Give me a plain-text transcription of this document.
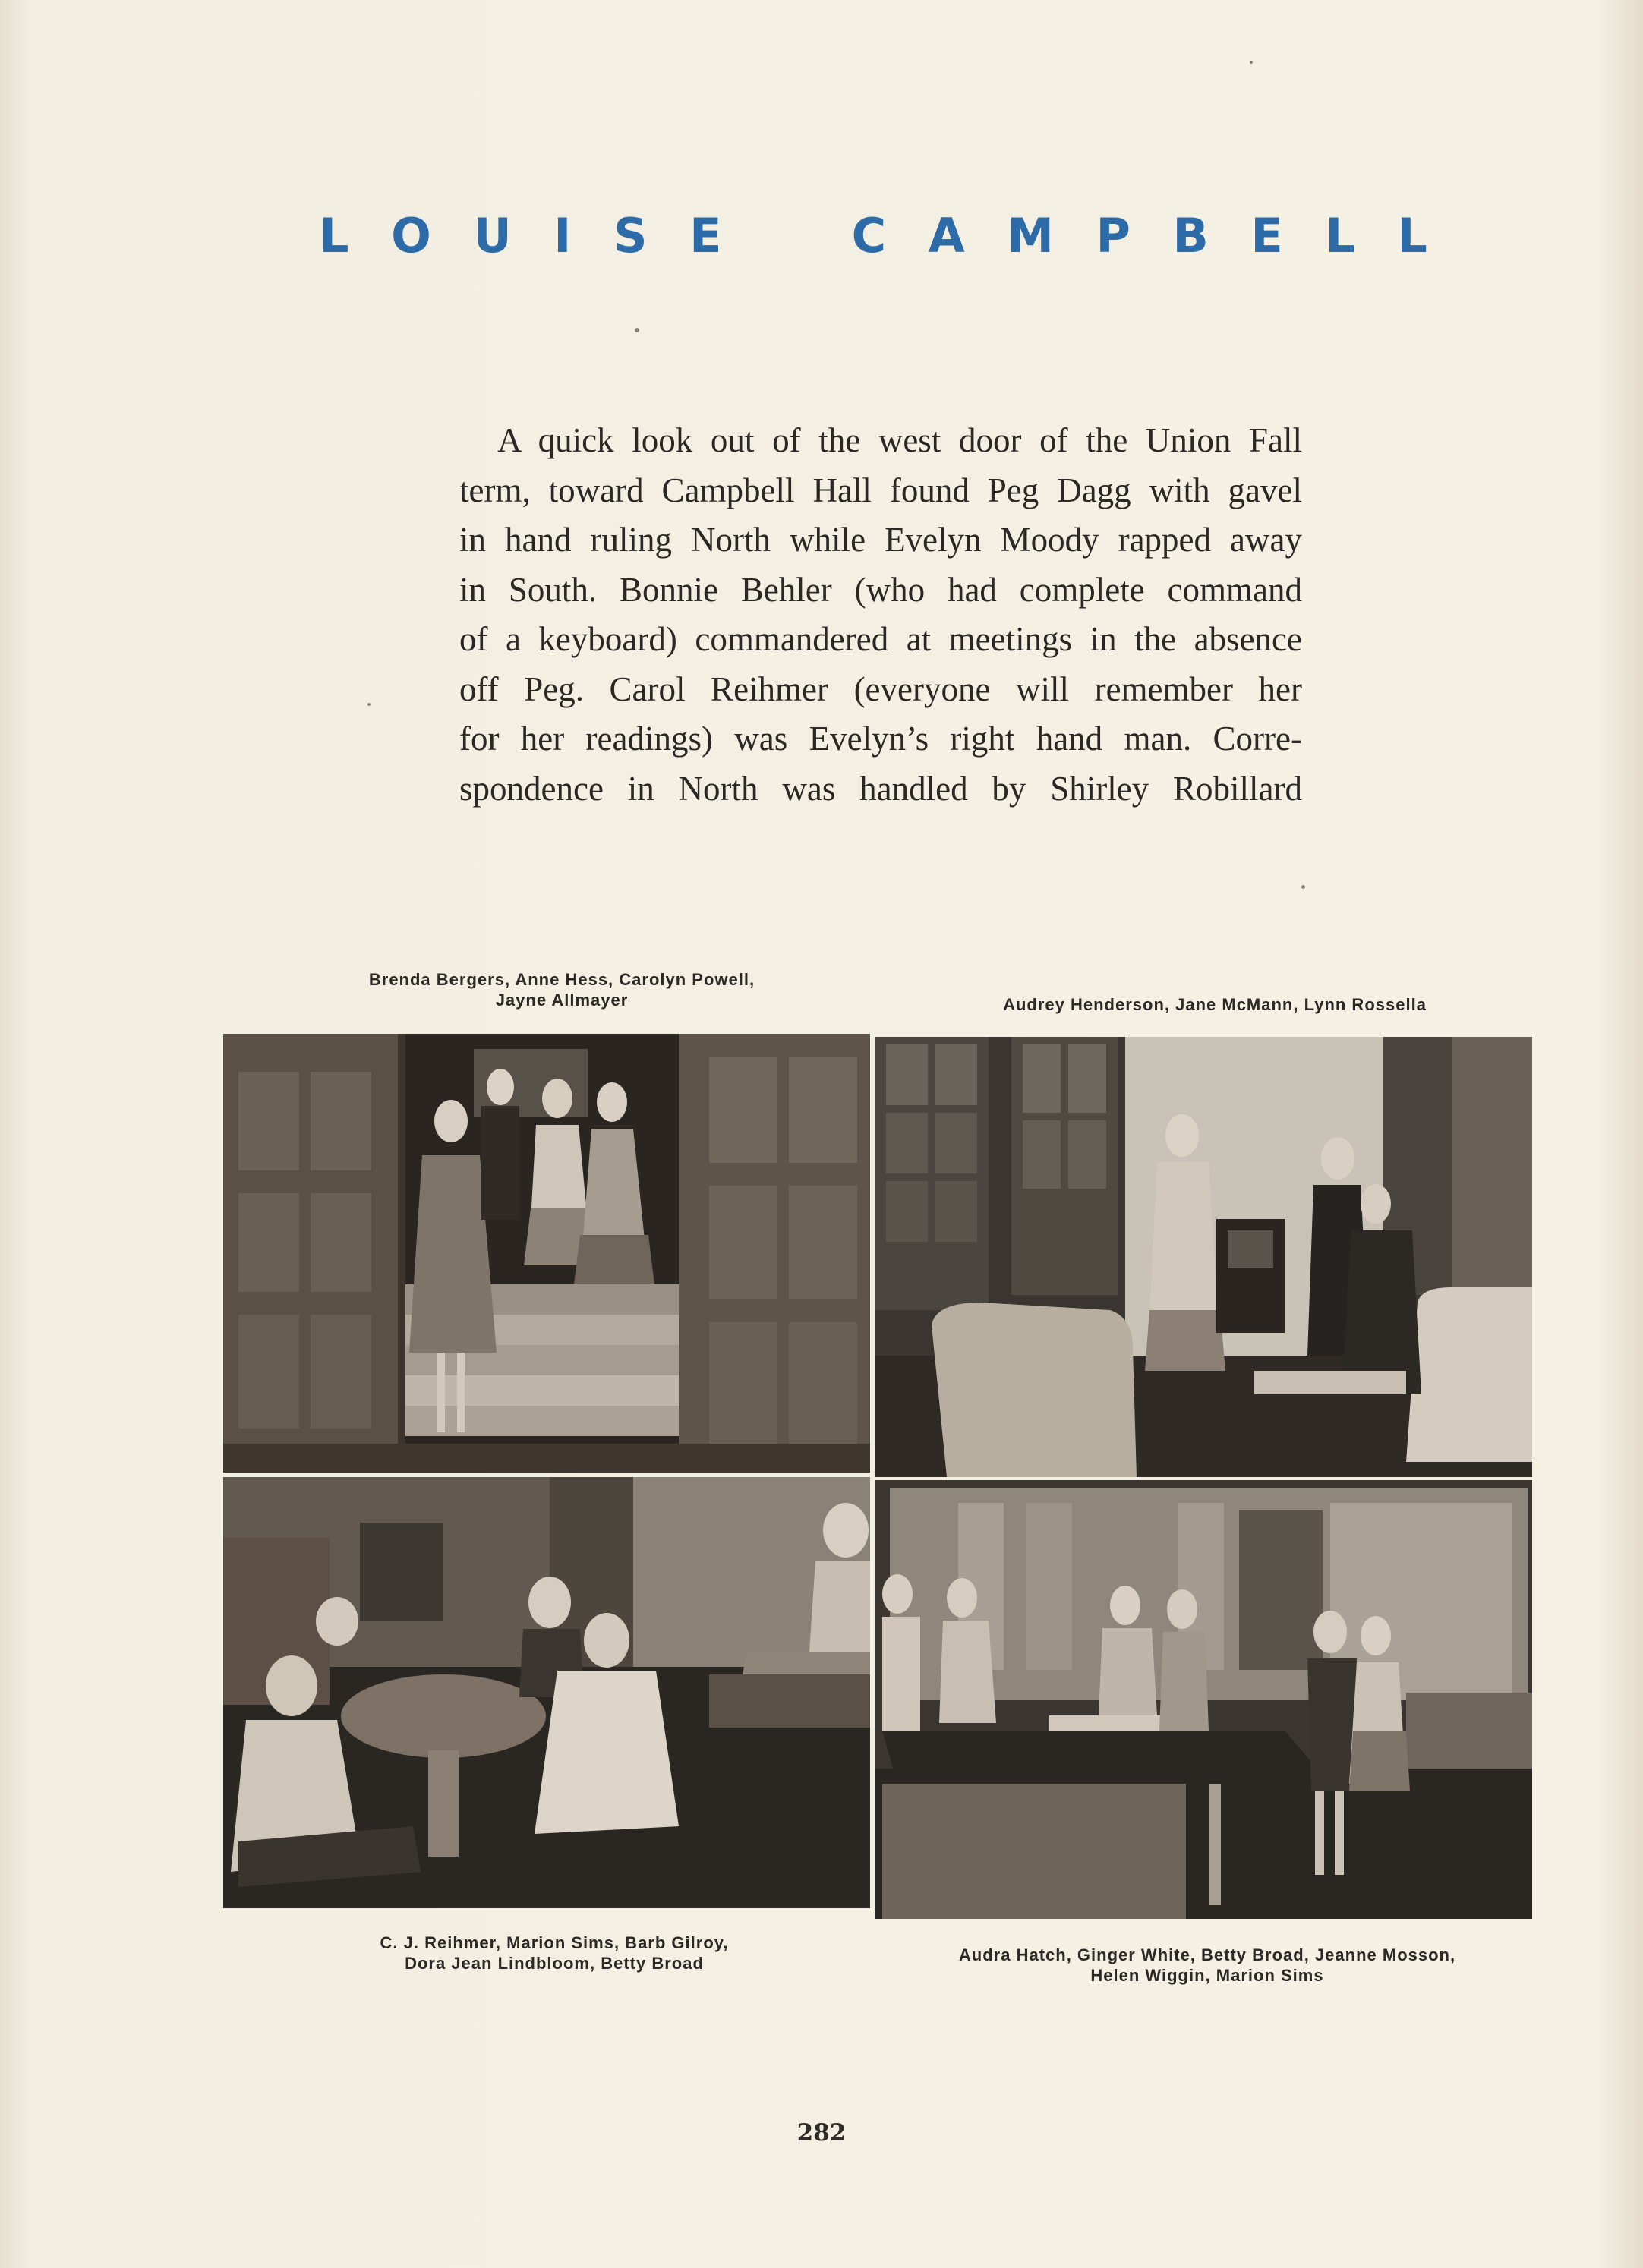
L O U I S E	C A M P B E L L
A quick look out of the west door of the Union Fall
term, toward Campbell Hall found Peg Dagg with gavel
in hand ruling North while Evelyn Moody rapped away
in South. Bonnie Behler (who had complete command
of a keyboard) commandered at meetings in the absence
off Peg. Carol Reihmer (everyone will remember her
for her readings) was Evelyn’s right hand man. Corre-
spondence in North was handled by Shirley Robillard
Brenda Bergers, Anne Hess, Carolyn Powell,
Jayne Allmayer	Audrey Henderson, Jane McMann, Lynn Rossella
C. J. Reihmer, Marion Sims, Barb Gilroy,
Dora Jean Lindbloom, Betty Broad	Audra Hatch, Ginger White, Betty Broad, Jeanne Mosson,
Helen Wiggin, Marion Sims
282
